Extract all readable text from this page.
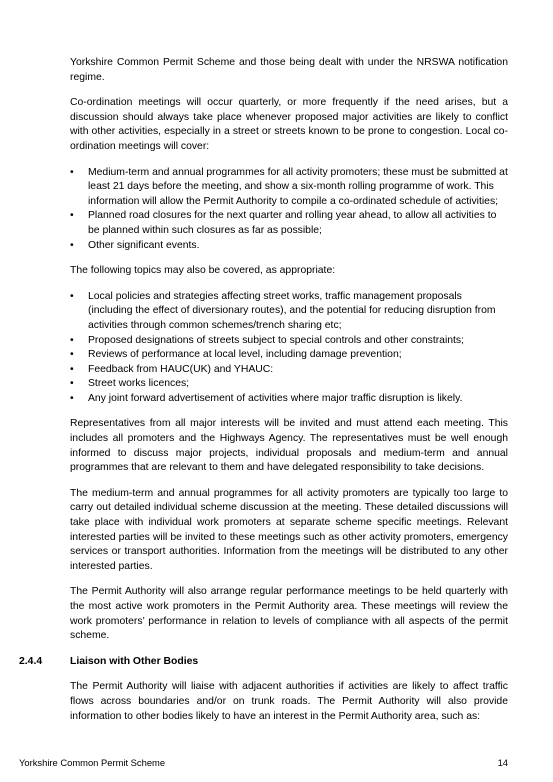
Yorkshire Common Permit Scheme and those being dealt with under the NRSWA notification regime.

Co-ordination meetings will occur quarterly, or more frequently if the need arises, but a discussion should always take place whenever proposed major activities are likely to conflict with other activities, especially in a street or streets known to be prone to congestion. Local co-ordination meetings will cover:

•	Medium-term and annual programmes for all activity promoters; these must be submitted at least 21 days before the meeting, and show a six-month rolling programme of work. This information will allow the Permit Authority to compile a co-ordinated schedule of activities;
•	Planned road closures for the next quarter and rolling year ahead, to allow all activities to be planned within such closures as far as possible;
•	Other significant events.

The following topics may also be covered, as appropriate:

•	Local policies and strategies affecting street works, traffic management proposals (including the effect of diversionary routes), and the potential for reducing disruption from activities through common schemes/trench sharing etc;
•	Proposed designations of streets subject to special controls and other constraints;
•	Reviews of performance at local level, including damage prevention;
•	Feedback from HAUC(UK) and YHAUC:
•	Street works licences;
•	Any joint forward advertisement of activities where major traffic disruption is likely.

Representatives from all major interests will be invited and must attend each meeting. This includes all promoters and the Highways Agency. The representatives must be well enough informed to discuss major projects, individual proposals and medium-term and annual programmes that are relevant to them and have delegated responsibility to take decisions.

The medium-term and annual programmes for all activity promoters are typically too large to carry out detailed individual scheme discussion at the meeting. These detailed discussions will take place with individual work promoters at separate scheme specific meetings. Relevant interested parties will be invited to these meetings such as other activity promoters, emergency services or transport authorities. Information from the meetings will be distributed to any other interested parties.

The Permit Authority will also arrange regular performance meetings to be held quarterly with the most active work promoters in the Permit Authority area. These meetings will review the work promoters’ performance in relation to levels of compliance with all aspects of the permit scheme.

2.4.4	Liaison with Other Bodies

The Permit Authority will liaise with adjacent authorities if activities are likely to affect traffic flows across boundaries and/or on trunk roads. The Permit Authority will also provide information to other bodies likely to have an interest in the Permit Authority area, such as:

Yorkshire Common Permit Scheme	14
